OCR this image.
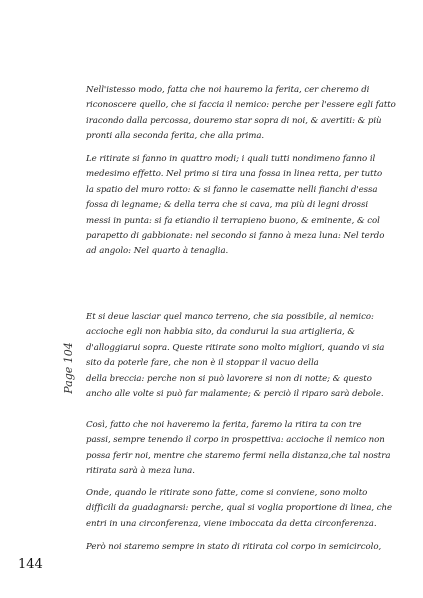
Nell'istesso modo, fatta che noi hauremo la ferita, cer cheremo di
riconoscere quello, che si faccia il nemico: perche per l'essere egli fatto
iracondo dalla percossa, douremo star sopra di noi, & avertiti: & più
pronti alla seconda ferita, che alla prima.

Le ritirate si fanno in quattro modi; i quali tutti nondimeno fanno il
medesimo effetto. Nel primo si tira una fossa in linea retta, per tutto
la spatio del muro rotto: & si fanno le casematte nelli fianchi d'essa
fossa di legname; & della terra che si cava, ma più di legni drossi
messi in punta: si fa etiandio il terrapieno buono, & eminente, & col
parapetto di gabbionate: nel secondo si fanno à meza luna: Nel terdo
ad angolo: Nel quarto à tenaglia.

Et si deue lasciar quel manco terreno, che sia possibile, al nemico:
accioche egli non habbia sito, da condurui la sua artiglieria, &
d'alloggiarui sopra. Queste ritirate sono molto migliori, quando vi sia
sito da poterle fare, che non è il stoppar il vacuo della
della breccia: perche non si può lavorere si non di notte; & questo
ancho alle volte si può far malamente; & perciò il riparo sarà debole.

Così, fatto che noi haveremo la ferita, faremo la ritira ta con tre
passi, sempre tenendo il corpo in prospettiva: accioche il nemico non
possa ferir noi, mentre che staremo fermi nella distanza,che tal nostra
ritirata sarà à meza luna.

Onde, quando le ritirate sono fatte, come si conviene, sono molto
difficili da guadagnarsi: perche, qual si voglia proportione di linea, che
entri in una circonferenza, viene imboccata da detta circonferenza.

Però noi staremo sempre in stato di ritirata col corpo in semicircolo,

Page 104

144
